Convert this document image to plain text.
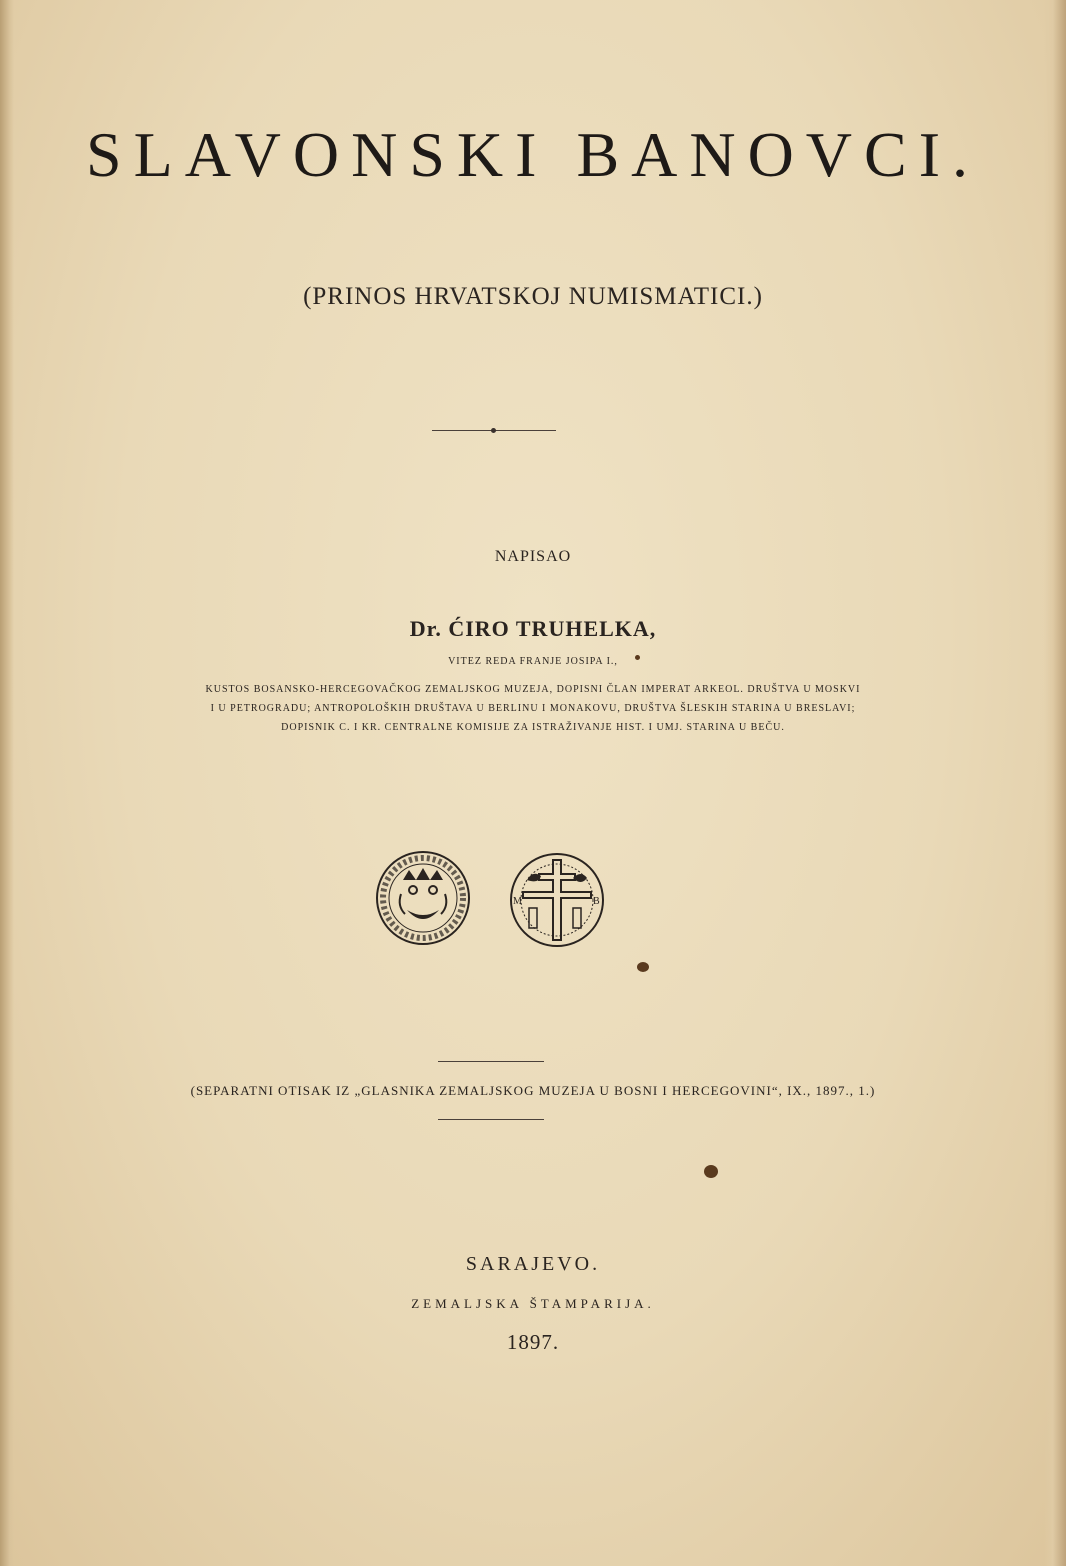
SLAVONSKI BANOVCI.
(PRINOS HRVATSKOJ NUMISMATICI.)
NAPISAO
Dr. ĆIRO TRUHELKA,
VITEZ REDA FRANJE JOSIPA I.,
KUSTOS BOSANSKO-HERCEGOVAČKOG ZEMALJSKOG MUZEJA, DOPISNI ČLAN IMPERAT ARKEOL. DRUŠTVA U MOSKVI
I U PETROGRADU; ANTROPOLOŠKIH DRUŠTAVA U BERLINU I MONAKOVU, DRUŠTVA ŠLESKIH STARINA U BRESLAVI;
DOPISNIK C. I KR. CENTRALNE KOMISIJE ZA ISTRAŽIVANJE HIST. I UMJ. STARINA U BEČU.
M	B
(SEPARATNI OTISAK IZ „GLASNIKA ZEMALJSKOG MUZEJA U BOSNI I HERCEGOVINI“, IX., 1897., 1.)
SARAJEVO.
ZEMALJSKA ŠTAMPARIJA.
1897.
